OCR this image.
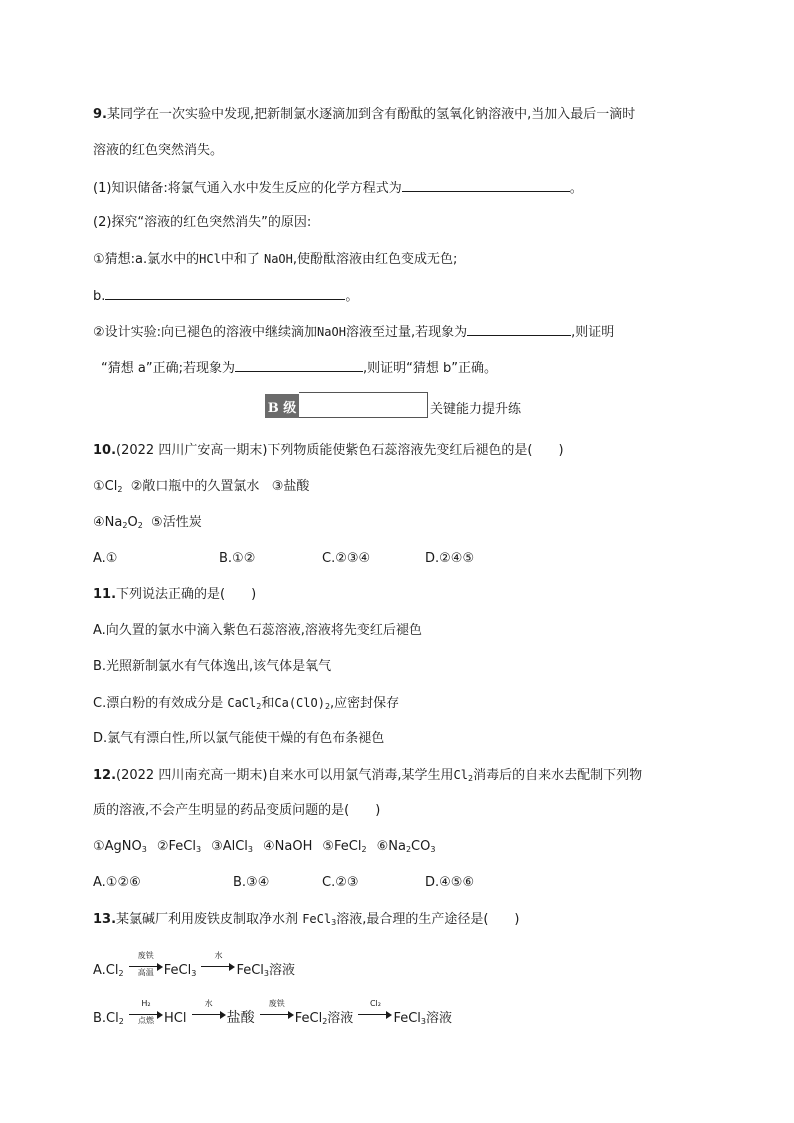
9.某同学在一次实验中发现,把新制氯水逐滴加到含有酚酞的氢氧化钠溶液中,当加入最后一滴时
溶液的红色突然消失。
(1)知识储备:将氯气通入水中发生反应的化学方程式为	。
(2)探究“溶液的红色突然消失”的原因:
①猜想:a.氯水中的HCl中和了 NaOH,使酚酞溶液由红色变成无色;
b.	。
②设计实验:向已褪色的溶液中继续滴加NaOH溶液至过量,若现象为	,则证明
“猜想 a”正确;若现象为	,则证明“猜想 b”正确。
B 级	关键能力提升练
10.(2022 四川广安高一期末)下列物质能使紫色石蕊溶液先变红后褪色的是(　　)
$①Cl_2$ ②敞口瓶中的久置氯水 ③盐酸
$④Na_2O_2$ ⑤活性炭
A.①	B.①②	C.②③④	D.②④⑤
11.下列说法正确的是(　　)
A.向久置的氯水中滴入紫色石蕊溶液,溶液将先变红后褪色
B.光照新制氯水有气体逸出,该气体是氧气
C.漂白粉的有效成分是 CaCl$_2$和$Ca(ClO)_2$,应密封保存
D.氯气有漂白性,所以氯气能使干燥的有色布条褪色
12.(2022 四川南充高一期末)自来水可以用氯气消毒,某学生用$Cl_2$消毒后的自来水去配制下列物
质的溶液,不会产生明显的药品变质问题的是(　　)
①AgNO$_3$ ②FeCl$_3$ ③AlCl$_3$ ④NaOH ⑤FeCl$_2$ $⑥Na_2CO_3$
A.①②⑥	B.③④	C.②③	D.④⑤⑥
13.某氯碱厂利用废铁皮制取净水剂 FeCl$_3$溶液,最合理的生产途径是(　　)
$A.Cl_2$
废铁
高温 FeCl$_3$
水
FeCl$_3$溶液
$B.Cl_2$
H₂
点燃 HCl
水
盐酸
废铁
FeCl$_2$溶液
Cl₂
FeCl$_3$溶液
